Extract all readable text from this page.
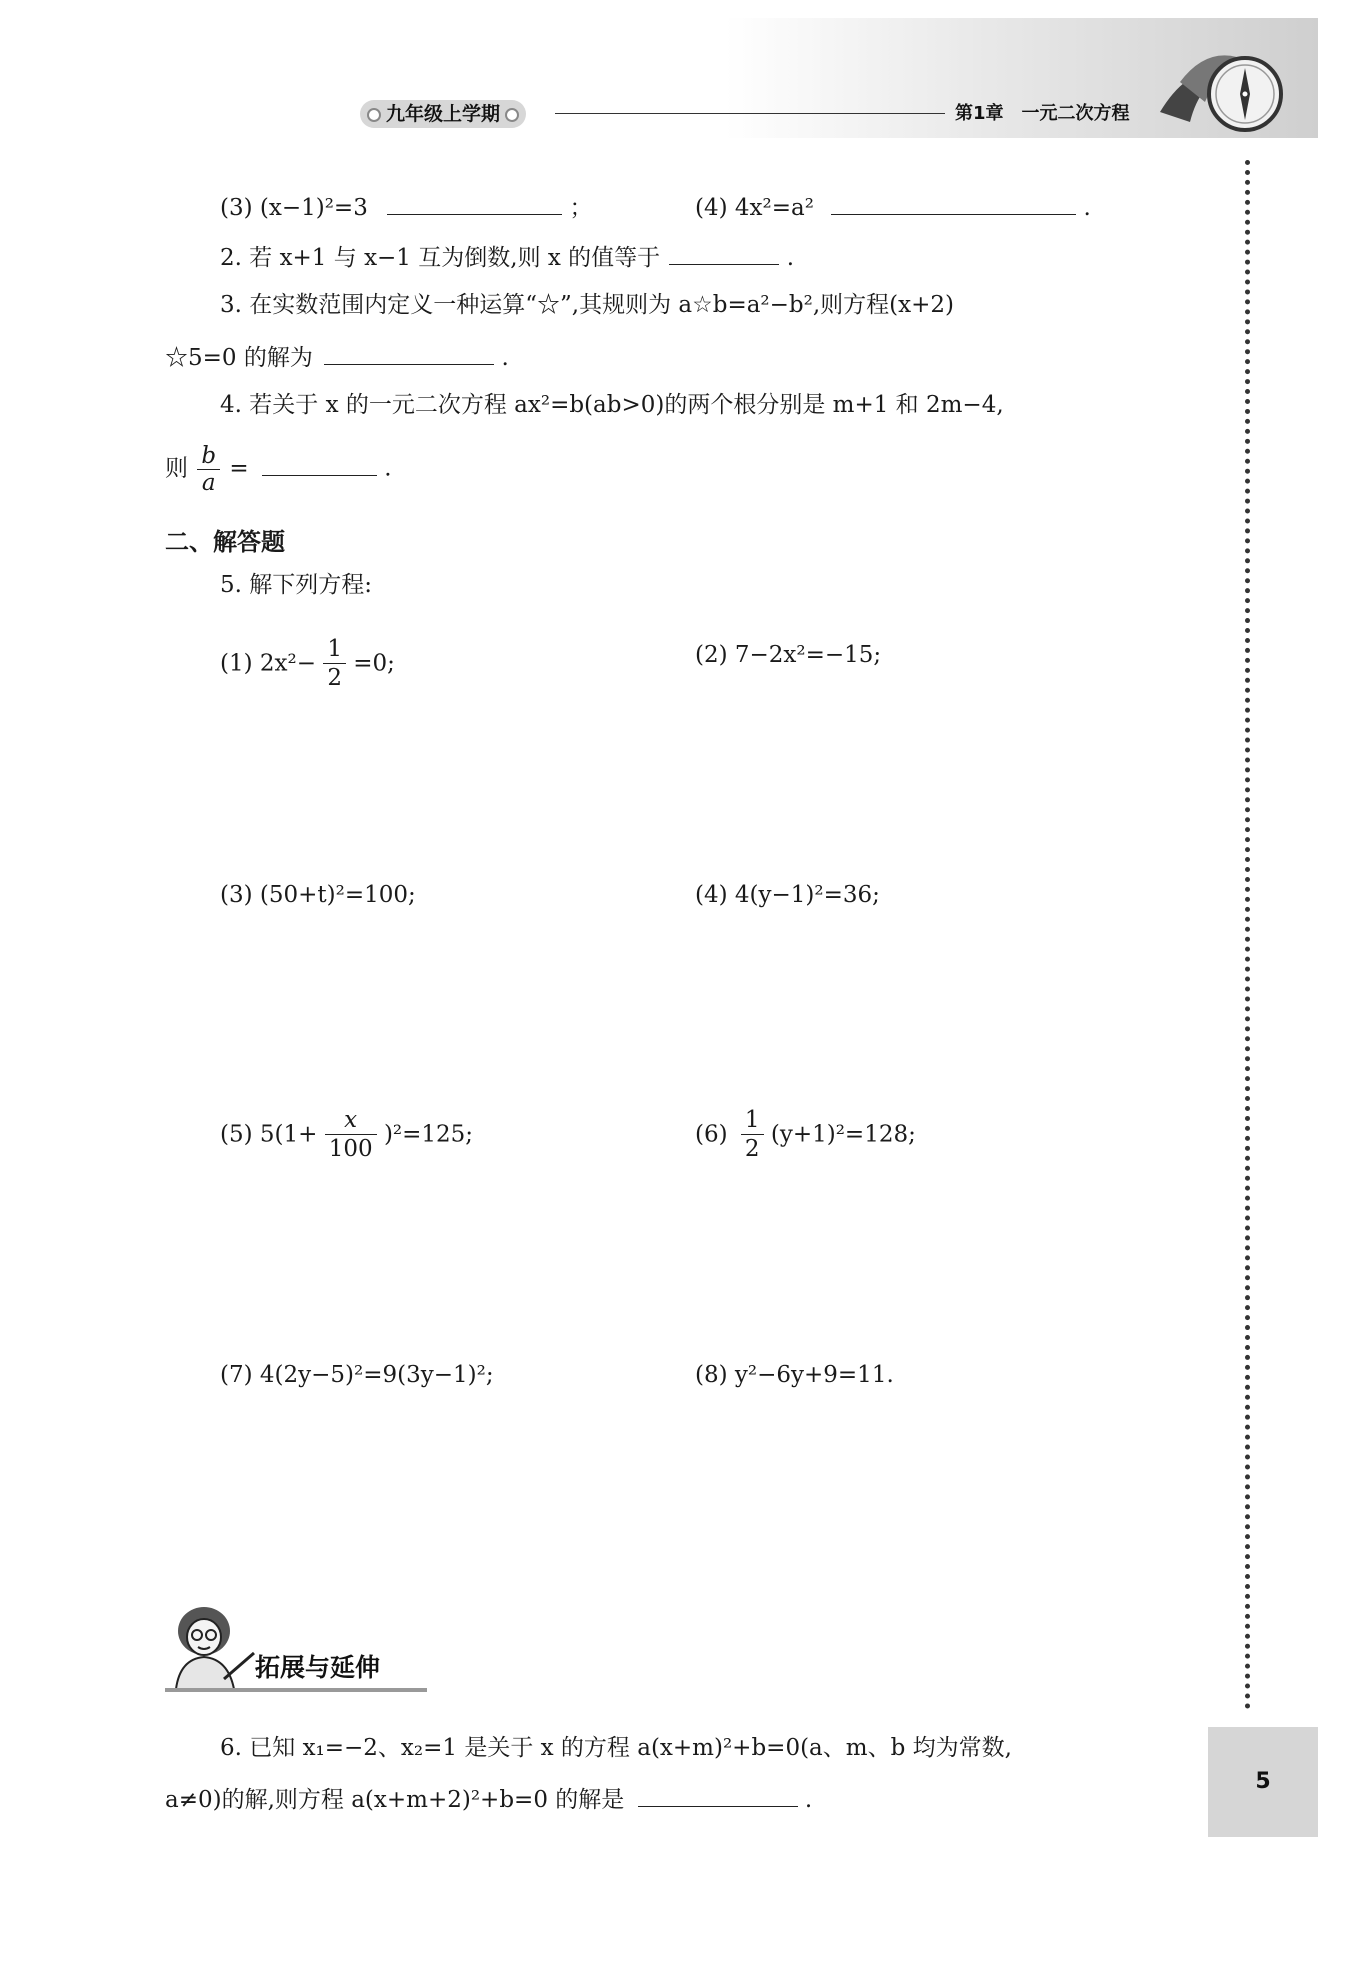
九年级上学期	第1章 一元二次方程
(3) (x−1)²=3	；	(4) 4x²=a²	.
2. 若 x+1 与 x−1 互为倒数,则 x 的值等于	.
3. 在实数范围内定义一种运算“☆”,其规则为 a☆b=a²−b²,则方程(x+2)
☆5=0 的解为	.
4. 若关于 x 的一元二次方程 ax²=b(ab>0)的两个根分别是 m+1 和 2m−4,
则 $\frac{b}{a}$ =	.
二、解答题
5. 解下列方程:
(1) $2x^2- \frac{1}{2} =0$;	(2) 7−2x²=−15;
(3) (50+t)²=100;	(4) 4(y−1)²=36;
(5) $5(1+ \frac{x}{100} )^2=125$;	$(6) \frac{1}{2} (y+1)^2=128$;
(7) 4(2y−5)²=9(3y−1)²;	(8) y²−6y+9=11.
拓展与延伸
6. 已知 x₁=−2、x₂=1 是关于 x 的方程 a(x+m)²+b=0(a、m、b 均为常数,
a≠0)的解,则方程 a(x+m+2)²+b=0 的解是	.
5
